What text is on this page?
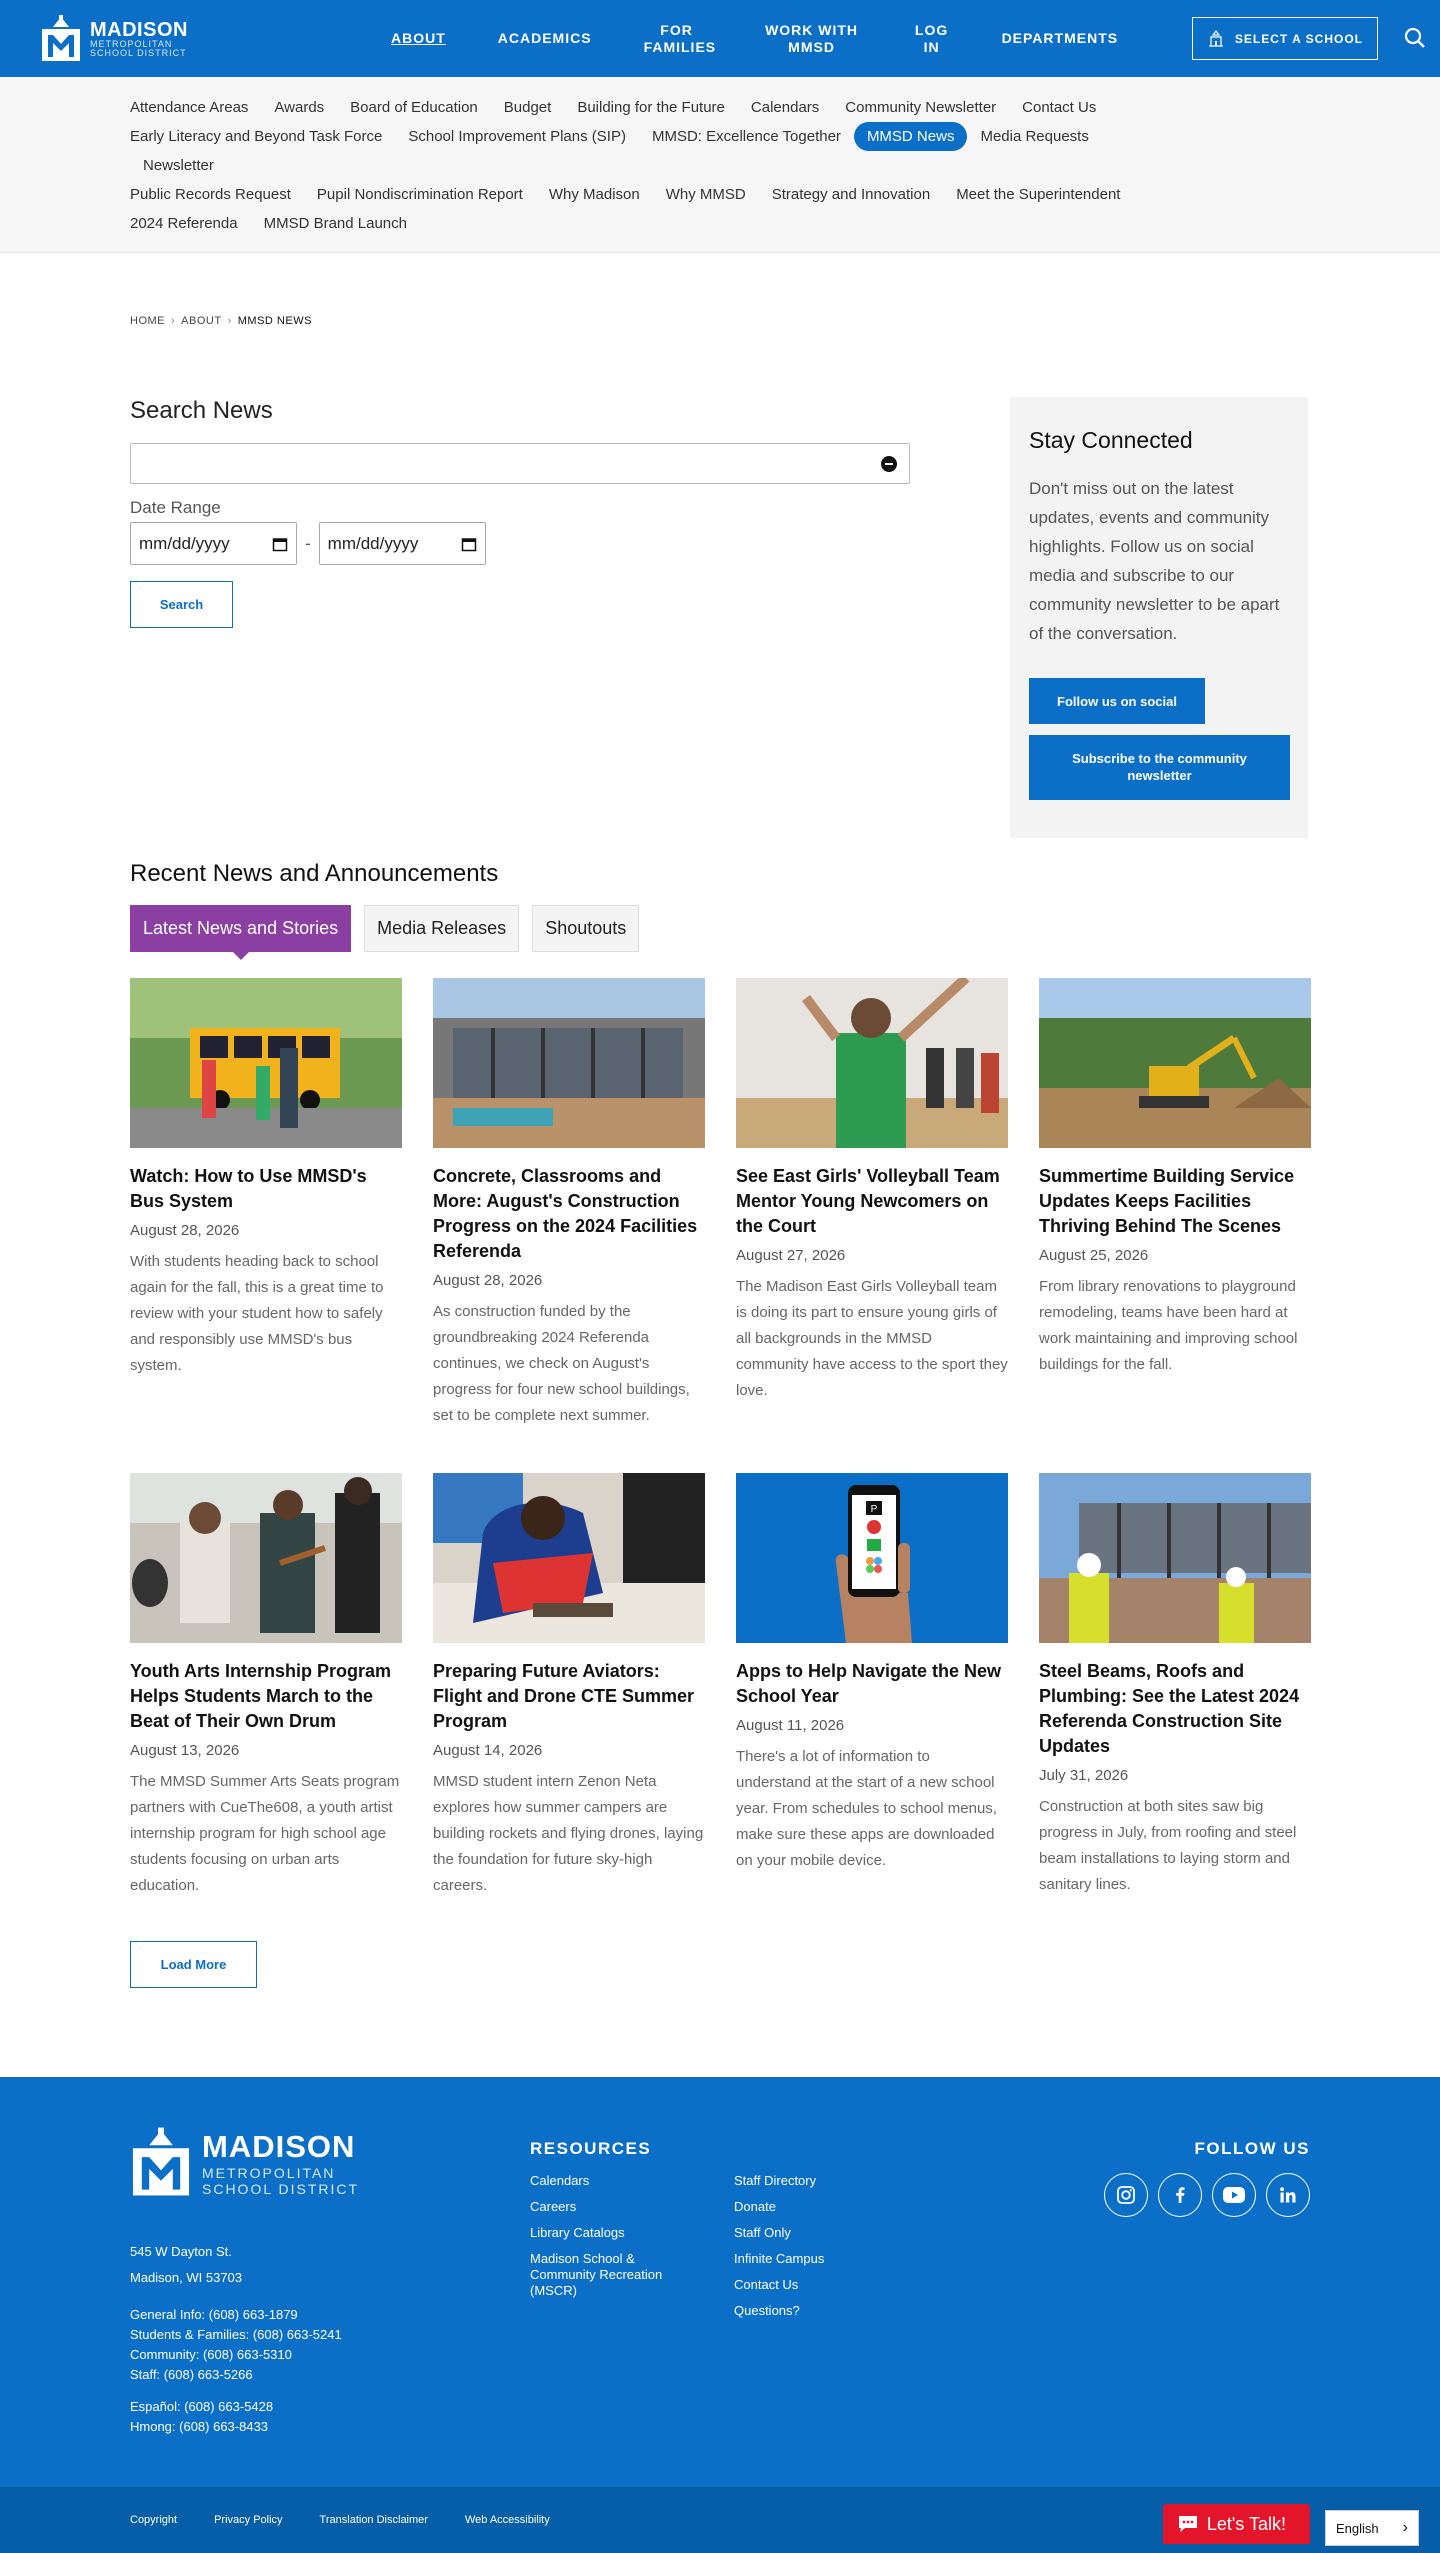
MADISON
METROPOLITAN
SCHOOL DISTRICT
ABOUT	ACADEMICS
FOR FAMILIES
WORK WITH MMSD
LOG IN
DEPARTMENTS	SELECT A SCHOOL
Attendance Areas	Awards	Board of Education	Budget	Building for the Future	Calendars	Community Newsletter	Contact Us
Early Literacy and Beyond Task Force	School Improvement Plans (SIP)	MMSD: Excellence Together	MMSD News	Media Requests
Newsletter
Public Records Request	Pupil Nondiscrimination Report	Why Madison	Why MMSD	Strategy and Innovation	Meet the Superintendent
2024 Referenda	MMSD Brand Launch
HOME › ABOUT › MMSD NEWS
Search News
Date Range
mm/dd/yyyy	- mm/dd/yyyy
Search
Stay Connected

Don't miss out on the latest updates, events and community highlights. Follow us on social media and subscribe to our community newsletter to be apart of the conversation.

Follow us on social
Subscribe to the community newsletter
Recent News and Announcements
Latest News and Stories	Media Releases	Shoutouts
Watch: How to Use MMSD's Bus System
August 28, 2026

With students heading back to school again for the fall, this is a great time to review with your student how to safely and responsibly use MMSD's bus system.

Concrete, Classrooms and More: August's Construction Progress on the 2024 Facilities Referenda
August 28, 2026

As construction funded by the groundbreaking 2024 Referenda continues, we check on August's progress for four new school buildings, set to be complete next summer.

See East Girls' Volleyball Team Mentor Young Newcomers on the Court
August 27, 2026

The Madison East Girls Volleyball team is doing its part to ensure young girls of all backgrounds in the MMSD community have access to the sport they love.

Summertime Building Service Updates Keeps Facilities Thriving Behind The Scenes
August 25, 2026

From library renovations to playground remodeling, teams have been hard at work maintaining and improving school buildings for the fall.

Youth Arts Internship Program Helps Students March to the Beat of Their Own Drum
August 13, 2026

The MMSD Summer Arts Seats program partners with CueThe608, a youth artist internship program for high school age students focusing on urban arts education.

Preparing Future Aviators: Flight and Drone CTE Summer Program
August 14, 2026

MMSD student intern Zenon Neta explores how summer campers are building rockets and flying drones, laying the foundation for future sky-high careers.

P
Apps to Help Navigate the New School Year
August 11, 2026

There's a lot of information to understand at the start of a new school year. From schedules to school menus, make sure these apps are downloaded on your mobile device.

Steel Beams, Roofs and Plumbing: See the Latest 2024 Referenda Construction Site Updates
July 31, 2026

Construction at both sites saw big progress in July, from roofing and steel beam installations to laying storm and sanitary lines.

Load More
MADISON
METROPOLITAN
SCHOOL DISTRICT
545 W Dayton St.
Madison, WI 53703
General Info: (608) 663-1879
Students & Families: (608) 663-5241
Community: (608) 663-5310
Staff: (608) 663-5266
Español: (608) 663-5428
Hmong: (608) 663-8433
RESOURCES
Calendars
Careers
Library Catalogs
Madison School & Community Recreation (MSCR)
Staff Directory
Donate
Staff Only
Infinite Campus
Contact Us
Questions?
FOLLOW US
Copyright	Privacy Policy	Translation Disclaimer	Web Accessibility	Let's Talk!	English ›
